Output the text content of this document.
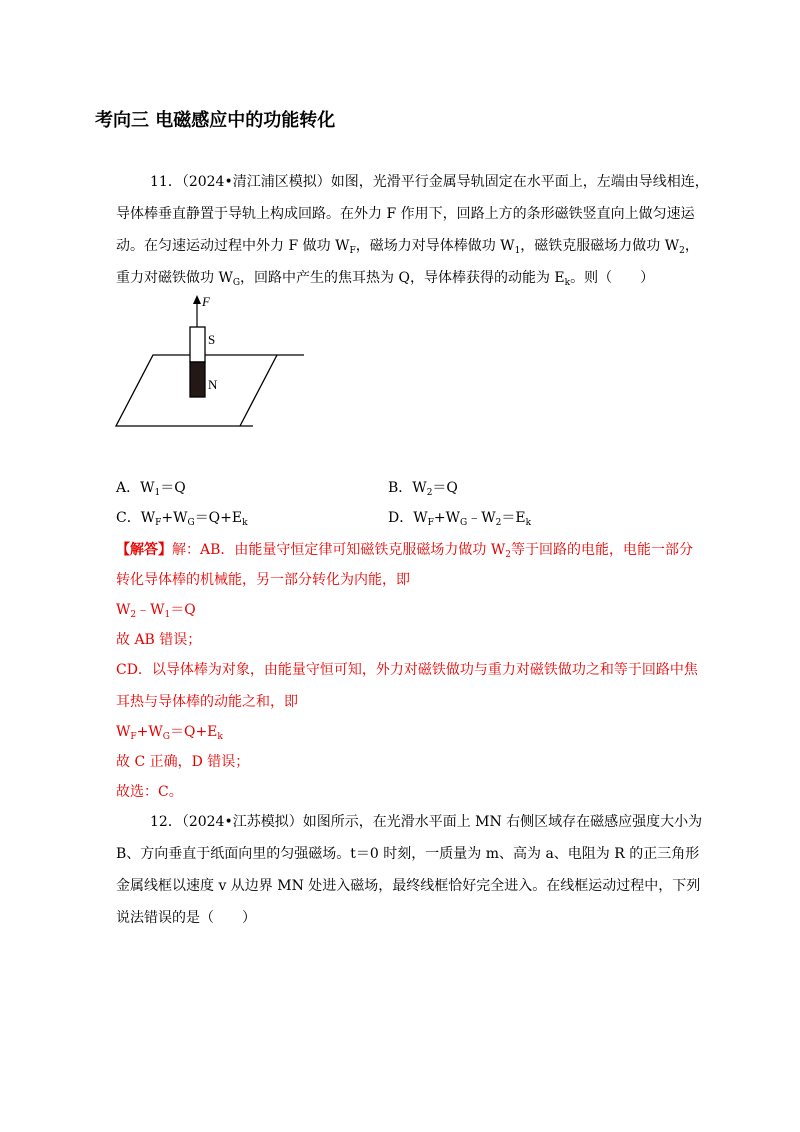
考向三 电磁感应中的功能转化
11．（2024•清江浦区模拟）如图，光滑平行金属导轨固定在水平面上，左端由导线相连，
导体棒垂直静置于导轨上构成回路。在外力 F 作用下，回路上方的条形磁铁竖直向上做匀速运
动。在匀速运动过程中外力 F 做功 $W_F$，磁场力对导体棒做功 $W_1$，磁铁克服磁场力做功 $W_2$，
重力对磁铁做功 $W_G$，回路中产生的焦耳热为 Q，导体棒获得的动能为 $E_k$。则（　　）
F
S
N
A．$W_1=Q$	B．$W_2=Q$
C．$W_F+W_G=Q+E_k$	D．$W_F+W_G﹣W_2=E_k$
【解答】解：AB．由能量守恒定律可知磁铁克服磁场力做功 $W_2$等于回路的电能，电能一部分
转化导体棒的机械能，另一部分转化为内能，即
$W_2﹣W_1=Q$
故 AB 错误；
CD．以导体棒为对象，由能量守恒可知，外力对磁铁做功与重力对磁铁做功之和等于回路中焦
耳热与导体棒的动能之和，即
$W_F+W_G=Q+E_k$
故 C 正确，D 错误；
故选：C。
12．（2024•江苏模拟）如图所示，在光滑水平面上 MN 右侧区域存在磁感应强度大小为
B、方向垂直于纸面向里的匀强磁场。t＝0 时刻，一质量为 m、高为 a、电阻为 R 的正三角形
金属线框以速度 v 从边界 MN 处进入磁场，最终线框恰好完全进入。在线框运动过程中，下列
说法错误的是（　　）
